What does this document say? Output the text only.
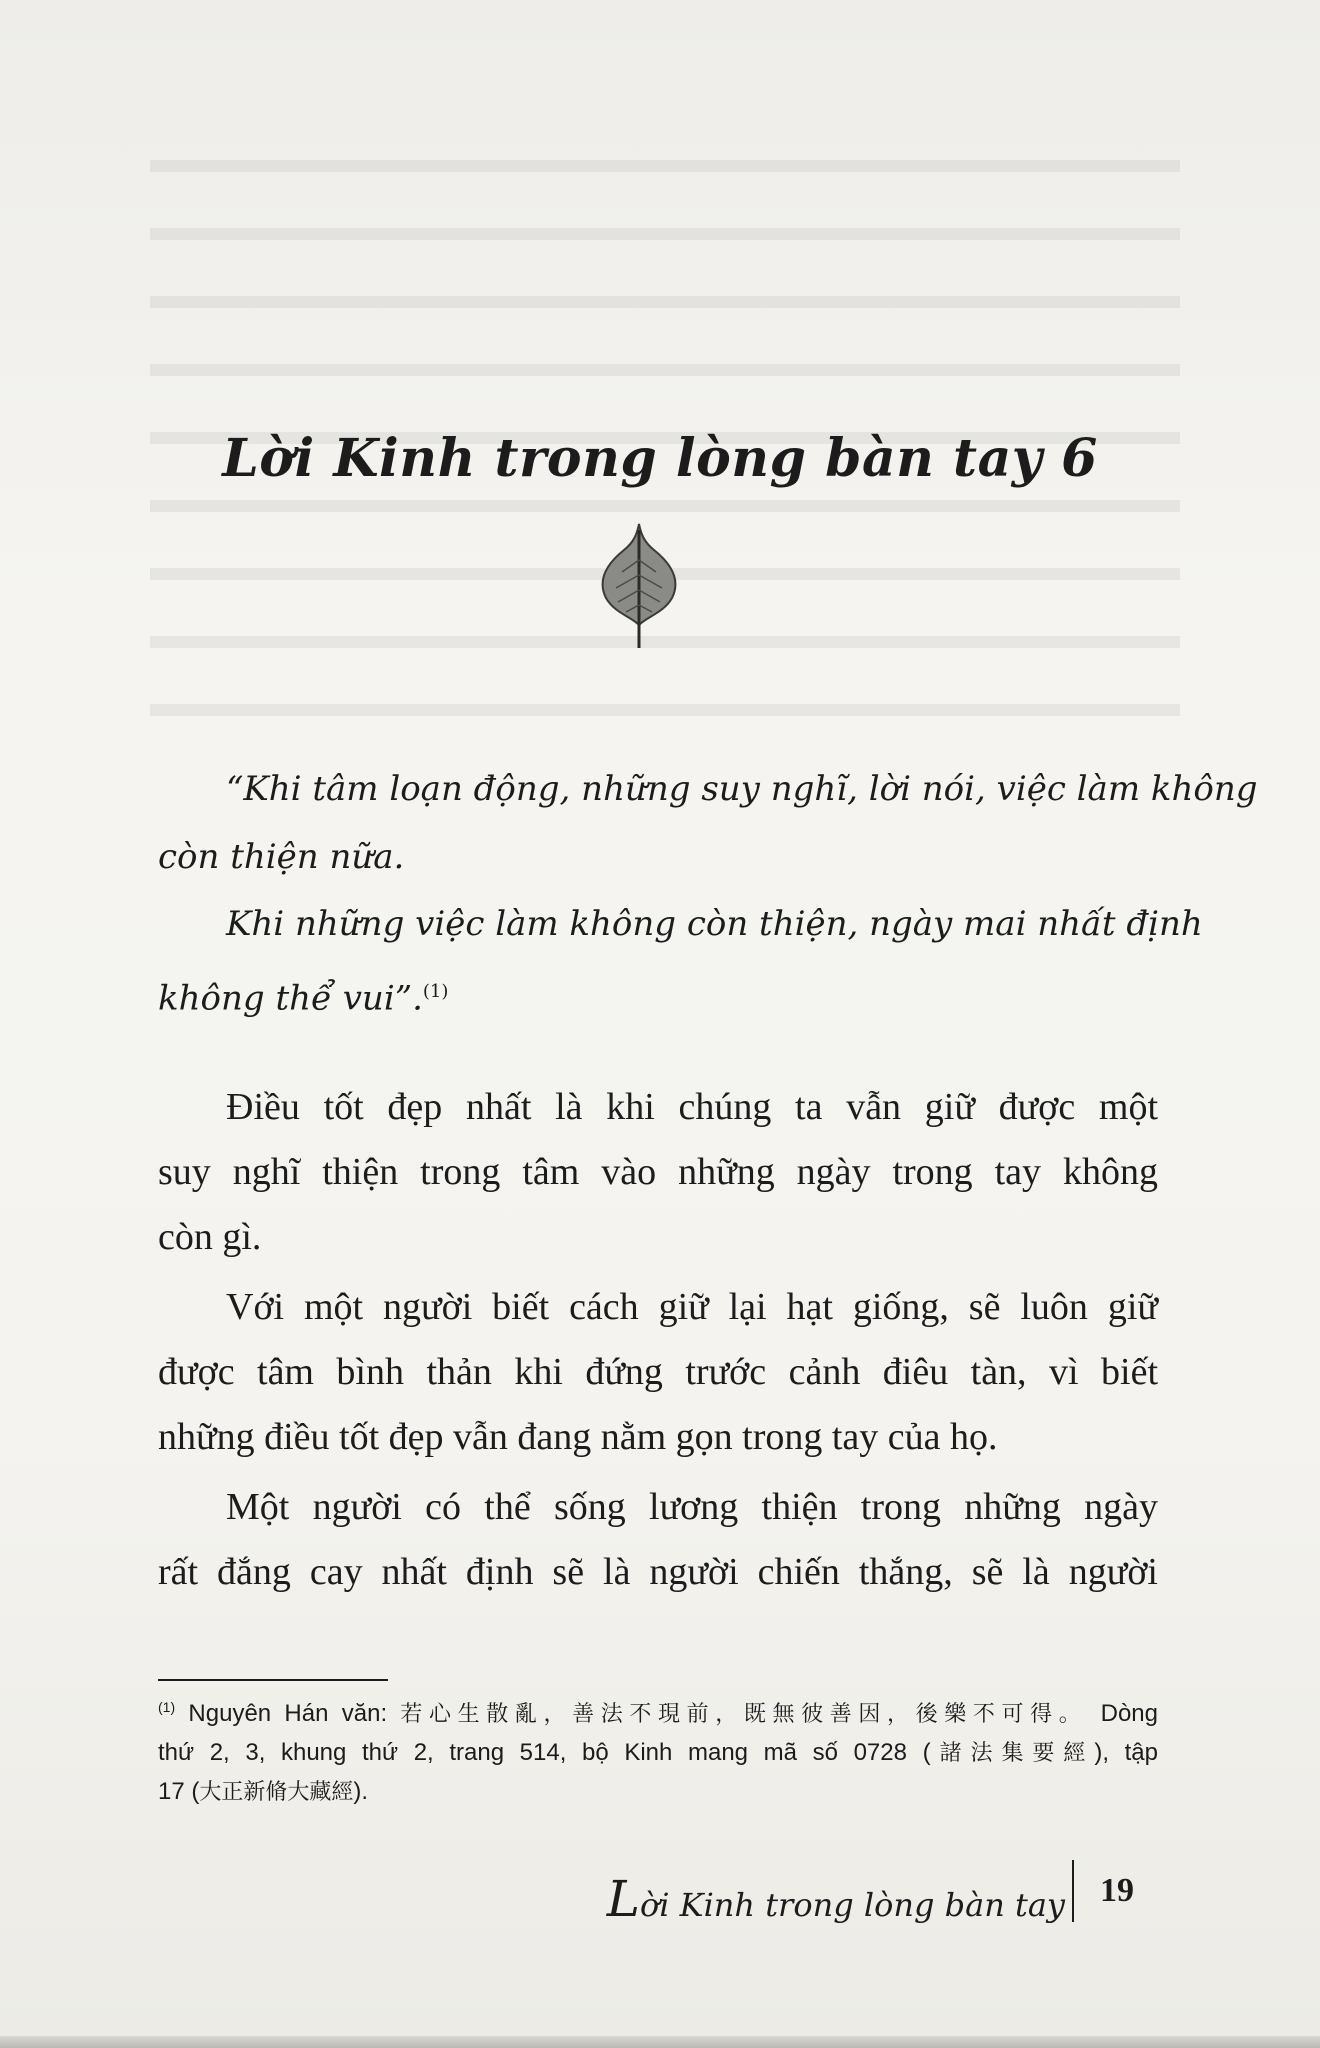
Lời Kinh trong lòng bàn tay 6

“Khi tâm loạn động, những suy nghĩ, lời nói, việc làm không
còn thiện nữa.

Khi những việc làm không còn thiện, ngày mai nhất định
không thể vui”.$^{(1)}$

Điều tốt đẹp nhất là khi chúng ta vẫn giữ được một
suy nghĩ thiện trong tâm vào những ngày trong tay không
còn gì.

Với một người biết cách giữ lại hạt giống, sẽ luôn giữ
được tâm bình thản khi đứng trước cảnh điêu tàn, vì biết
những điều tốt đẹp vẫn đang nằm gọn trong tay của họ.

Một người có thể sống lương thiện trong những ngày
rất đắng cay nhất định sẽ là người chiến thắng, sẽ là người

$^{(1)}$ Nguyên Hán văn: 若心生散亂，善法不現前，既無彼善因，後樂不可得。 Dòng
thứ 2, 3, khung thứ 2, trang 514, bộ Kinh mang mã số 0728 (諸法集要經), tập
17 (大正新脩大藏經).
Lời Kinh trong lòng bàn tay 19
